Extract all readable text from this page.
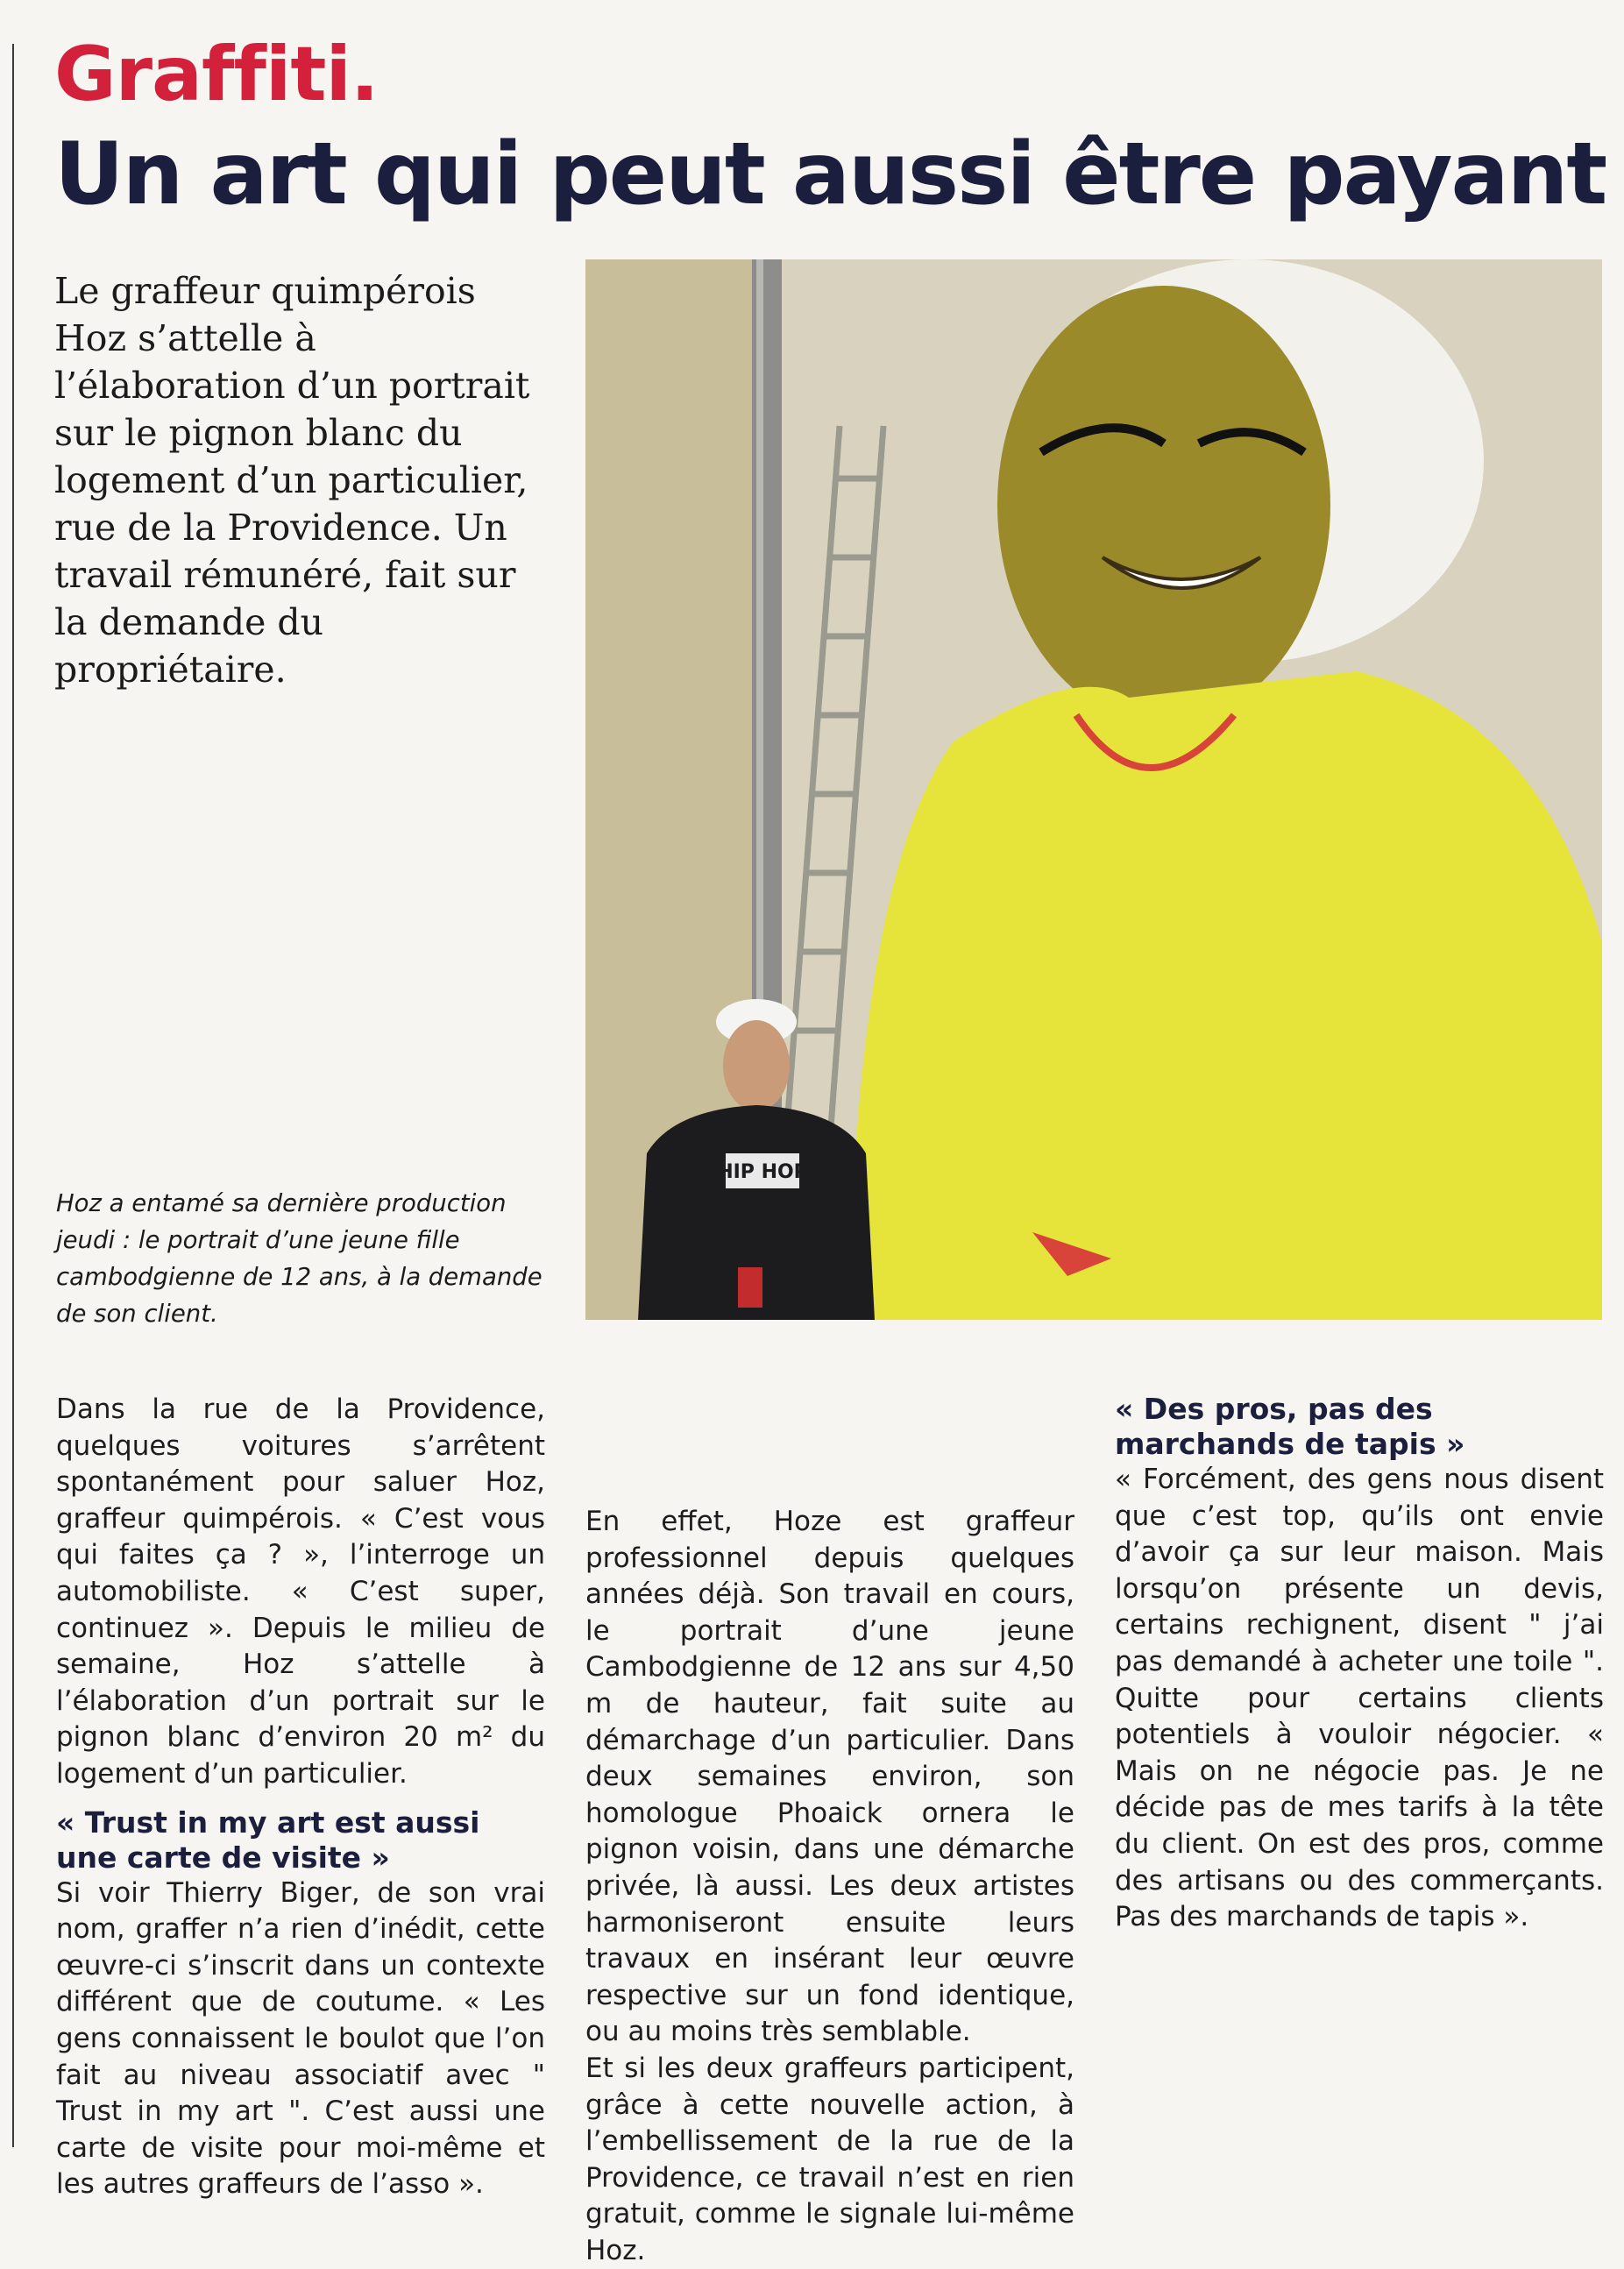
Graffiti.
Un art qui peut aussi être payant
Le graffeur quimpérois Hoz s’attelle à l’élaboration d’un portrait sur le pignon blanc du logement d’un particulier, rue de la Providence. Un travail rémunéré, fait sur la demande du propriétaire.
HIP HOP
Hoz a entamé sa dernière production jeudi : le portrait d’une jeune fille cambodgienne de 12 ans, à la demande de son client.

Dans la rue de la Providence, quelques voitures s’arrêtent spontanément pour saluer Hoz, graffeur quimpérois. « C’est vous qui faites ça ? », l’interroge un automobiliste. « C’est super, continuez ». Depuis le milieu de semaine, Hoz s’attelle à l’élaboration d’un portrait sur le pignon blanc d’environ 20 m² du logement d’un particulier.

« Trust in my art est aussi une carte de visite »

Si voir Thierry Biger, de son vrai nom, graffer n’a rien d’inédit, cette œuvre-ci s’inscrit dans un contexte différent que de coutume. « Les gens connaissent le boulot que l’on fait au niveau associatif avec " Trust in my art ". C’est aussi une carte de visite pour moi-même et les autres graffeurs de l’asso ».

En effet, Hoze est graffeur professionnel depuis quelques années déjà. Son travail en cours, le portrait d’une jeune Cambodgienne de 12 ans sur 4,50 m de hauteur, fait suite au démarchage d’un particulier. Dans deux semaines environ, son homologue Phoaick ornera le pignon voisin, dans une démarche privée, là aussi. Les deux artistes harmoniseront ensuite leurs travaux en insérant leur œuvre respective sur un fond identique, ou au moins très semblable.

Et si les deux graffeurs participent, grâce à cette nouvelle action, à l’embellissement de la rue de la Providence, ce travail n’est en rien gratuit, comme le signale lui-même Hoz.

« Des pros, pas des marchands de tapis »

« Forcément, des gens nous disent que c’est top, qu’ils ont envie d’avoir ça sur leur maison. Mais lorsqu’on présente un devis, certains rechignent, disent " j’ai pas demandé à acheter une toile ". Quitte pour certains clients potentiels à vouloir négocier. « Mais on ne négocie pas. Je ne décide pas de mes tarifs à la tête du client. On est des pros, comme des artisans ou des commerçants. Pas des marchands de tapis ».
